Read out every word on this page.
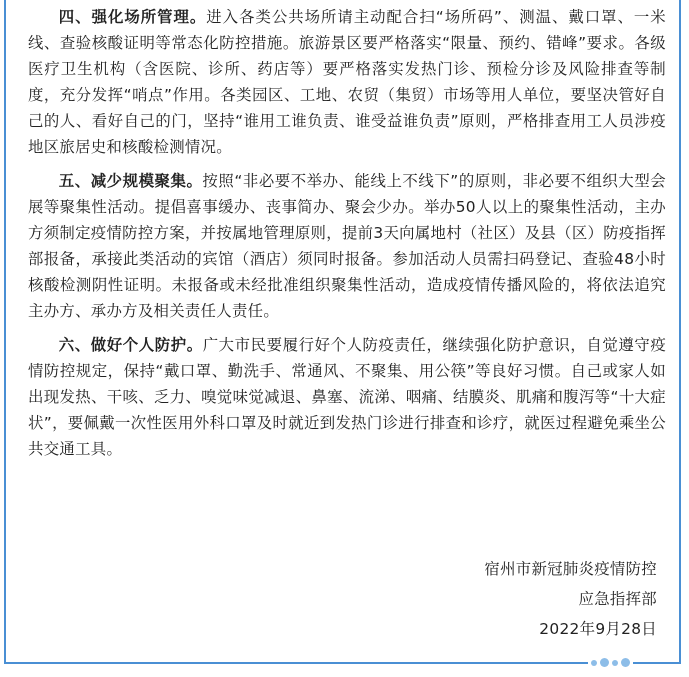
四、强化场所管理。进入各类公共场所请主动配合扫“场所码”、测温、戴口罩、一米线、查验核酸证明等常态化防控措施。旅游景区要严格落实“限量、预约、错峰”要求。各级医疗卫生机构（含医院、诊所、药店等）要严格落实发热门诊、预检分诊及风险排查等制度，充分发挥“哨点”作用。各类园区、工地、农贸（集贸）市场等用人单位，要坚决管好自己的人、看好自己的门，坚持“谁用工谁负责、谁受益谁负责”原则，严格排查用工人员涉疫地区旅居史和核酸检测情况。

五、减少规模聚集。按照“非必要不举办、能线上不线下”的原则，非必要不组织大型会展等聚集性活动。提倡喜事缓办、丧事简办、聚会少办。举办50人以上的聚集性活动，主办方须制定疫情防控方案，并按属地管理原则，提前3天向属地村（社区）及县（区）防疫指挥部报备，承接此类活动的宾馆（酒店）须同时报备。参加活动人员需扫码登记、查验48小时核酸检测阴性证明。未报备或未经批准组织聚集性活动，造成疫情传播风险的，将依法追究主办方、承办方及相关责任人责任。

六、做好个人防护。广大市民要履行好个人防疫责任，继续强化防护意识，自觉遵守疫情防控规定，保持“戴口罩、勤洗手、常通风、不聚集、用公筷”等良好习惯。自己或家人如出现发热、干咳、乏力、嗅觉味觉减退、鼻塞、流涕、咽痛、结膜炎、肌痛和腹泻等“十大症状”，要佩戴一次性医用外科口罩及时就近到发热门诊进行排查和诊疗，就医过程避免乘坐公共交通工具。

宿州市新冠肺炎疫情防控
应急指挥部
2022年9月28日
